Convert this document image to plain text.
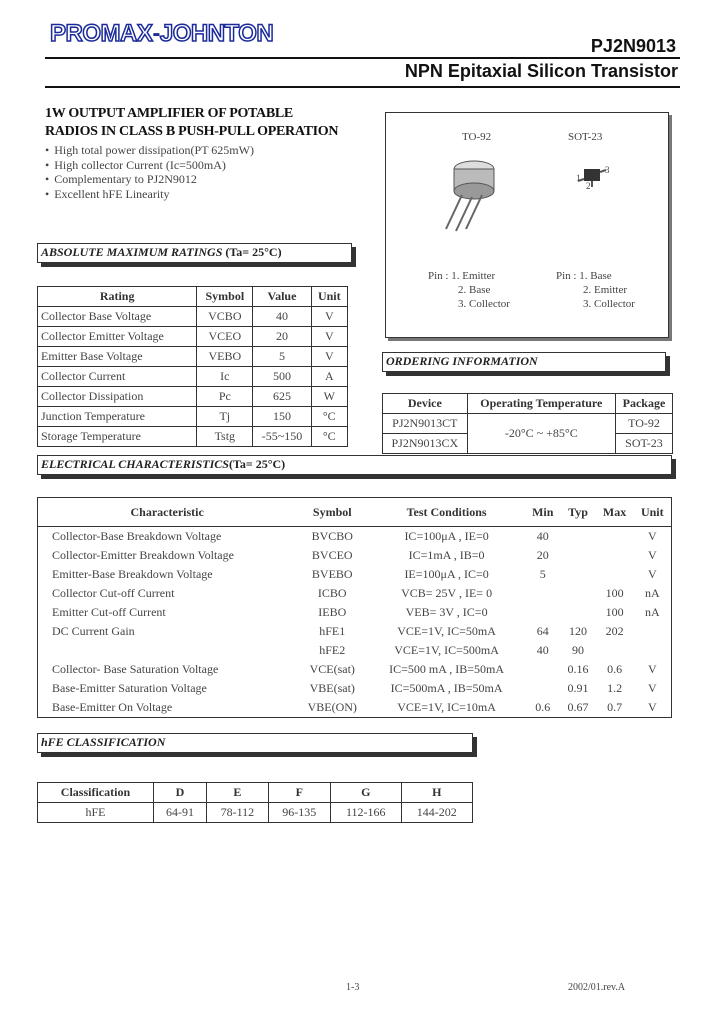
PROMAX-JOHNTON	PJ2N9013
NPN Epitaxial Silicon Transistor
1W OUTPUT AMPLIFIER OF POTABLE
RADIOS IN CLASS B PUSH-PULL OPERATION
• High total power dissipation(PT 625mW)
• High collector Current (Ic=500mA)
• Complementary to PJ2N9012
• Excellent hFE Linearity
TO-92	SOT-23
1
2
3
Pin : 1. Emitter
2. Base
3. Collector
Pin : 1. Base
2. Emitter
3. Collector
ABSOLUTE MAXIMUM RATINGS (Ta= 25°C)
Rating	Symbol	Value	Unit
Collector Base Voltage	VCBO	40	V
Collector Emitter Voltage	VCEO	20	V
Emitter Base Voltage	VEBO	5	V
Collector Current	Ic	500	A
Collector Dissipation	Pc	625	W
Junction Temperature	Tj	150	°C
Storage Temperature	Tstg	-55~150	°C
ORDERING INFORMATION
Device	Operating Temperature	Package
PJ2N9013CT	-20°C ~ +85°C	TO-92
PJ2N9013CX		SOT-23
ELECTRICAL CHARACTERISTICS(Ta= 25°C)
Characteristic	Symbol	Test Conditions	Min	Typ	Max	Unit
Collector-Base Breakdown Voltage	BVCBO	IC=100μA , IE=0	40			V
Collector-Emitter Breakdown Voltage	BVCEO	IC=1mA , IB=0	20			V
Emitter-Base Breakdown Voltage	BVEBO	IE=100μA , IC=0	5			V
Collector Cut-off Current	ICBO	VCB= 25V , IE= 0			100	nA
Emitter Cut-off Current	IEBO	VEB= 3V , IC=0			100	nA
DC Current Gain	hFE1	VCE=1V, IC=50mA	64	120	202	
	hFE2	VCE=1V, IC=500mA	40	90		
Collector- Base Saturation Voltage	VCE(sat)	IC=500 mA , IB=50mA		0.16	0.6	V
Base-Emitter Saturation Voltage	VBE(sat)	IC=500mA , IB=50mA		0.91	1.2	V
Base-Emitter On Voltage	VBE(ON)	VCE=1V, IC=10mA	0.6	0.67	0.7	V
hFE CLASSIFICATION
Classification	D	E	F	G	H
hFE	64-91	78-112	96-135	112-166	144-202
1-3	2002/01.rev.A
